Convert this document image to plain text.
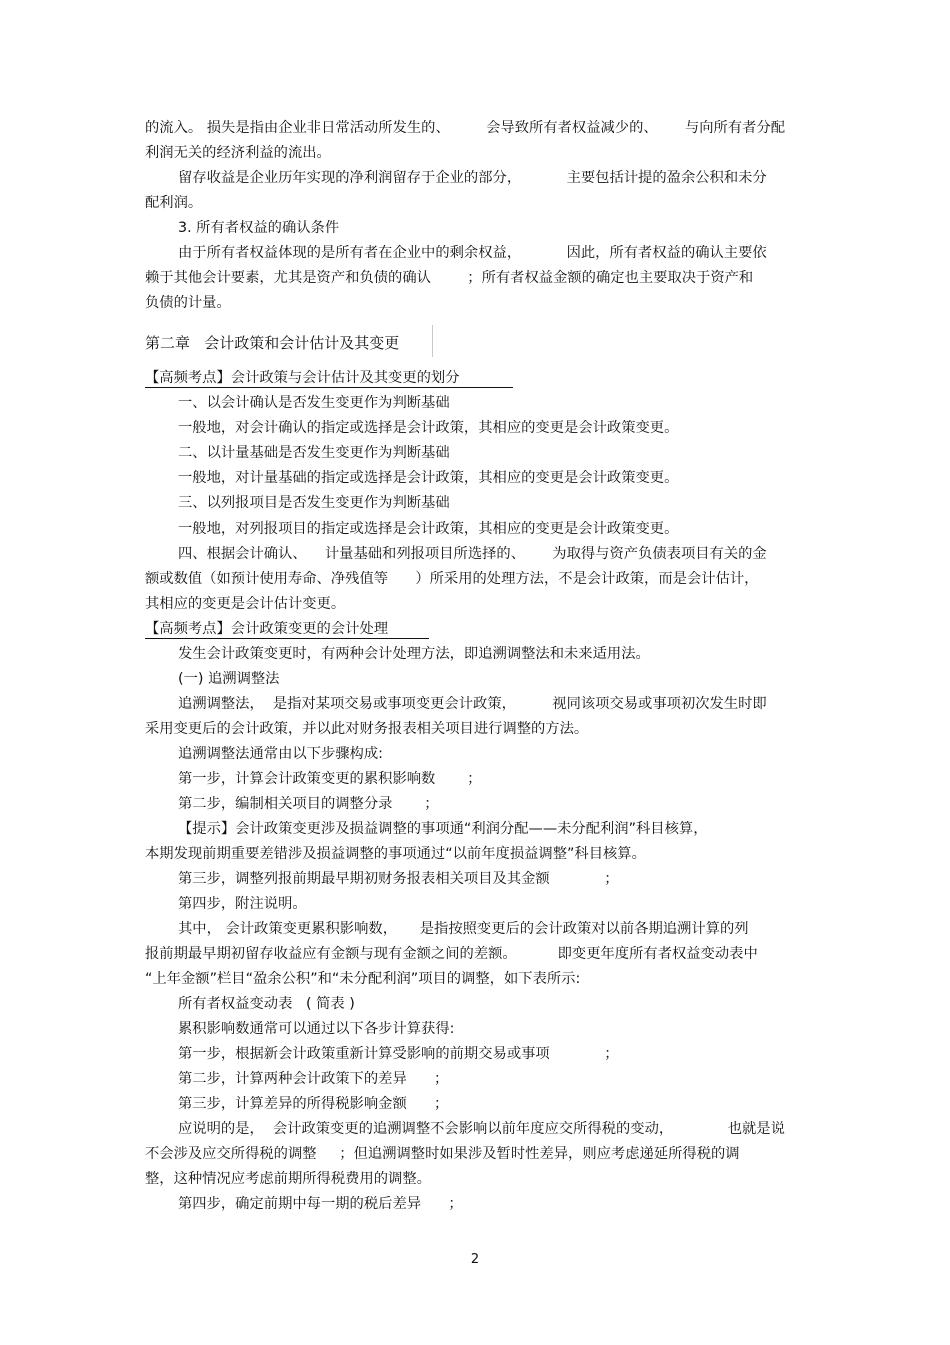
的流入。 损失是指由企业非日常活动所发生的、        会导致所有者权益减少的、      与向所有者分配
利润无关的经济利益的流出。
留存收益是企业历年实现的净利润留存于企业的部分，          主要包括计提的盈余公积和未分
配利润。
3. 所有者权益的确认条件
由于所有者权益体现的是所有者在企业中的剩余权益，          因此，所有者权益的确认主要依
赖于其他会计要素，尤其是资产和负债的确认        ；所有者权益金额的确定也主要取决于资产和
负债的计量。
第二章   会计政策和会计估计及其变更
【高频考点】会计政策与会计估计及其变更的划分
一、以会计确认是否发生变更作为判断基础
一般地，对会计确认的指定或选择是会计政策，其相应的变更是会计政策变更。
二、以计量基础是否发生变更作为判断基础
一般地，对计量基础的指定或选择是会计政策，其相应的变更是会计政策变更。
三、以列报项目是否发生变更作为判断基础
一般地，对列报项目的指定或选择是会计政策，其相应的变更是会计政策变更。
四、根据会计确认、    计量基础和列报项目所选择的、      为取得与资产负债表项目有关的金
额或数值（如预计使用寿命、净残值等      ）所采用的处理方法，不是会计政策，而是会计估计，
其相应的变更是会计估计变更。
【高频考点】会计政策变更的会计处理
发生会计政策变更时，有两种会计处理方法，即追溯调整法和未来适用法。
(一) 追溯调整法
追溯调整法，  是指对某项交易或事项变更会计政策，        视同该项交易或事项初次发生时即
采用变更后的会计政策，并以此对财务报表相关项目进行调整的方法。
追溯调整法通常由以下步骤构成:
第一步，计算会计政策变更的累积影响数       ；
第二步，编制相关项目的调整分录       ；
【提示】会计政策变更涉及损益调整的事项通“利润分配——未分配利润”科目核算，
本期发现前期重要差错涉及损益调整的事项通过“以前年度损益调整”科目核算。
第三步，调整列报前期最早期初财务报表相关项目及其金额            ；
第四步，附注说明。
其中， 会计政策变更累积影响数，     是指按照变更后的会计政策对以前各期追溯计算的列
报前期最早期初留存收益应有金额与现有金额之间的差额。         即变更年度所有者权益变动表中
“上年金额”栏目“盈余公积”和“未分配利润”项目的调整，如下表所示:
所有者权益变动表   ( 简表 )
累积影响数通常可以通过以下各步计算获得:
第一步，根据新会计政策重新计算受影响的前期交易或事项            ；
第二步，计算两种会计政策下的差异      ；
第三步，计算差异的所得税影响金额      ；
应说明的是，  会计政策变更的追溯调整不会影响以前年度应交所得税的变动，            也就是说
不会涉及应交所得税的调整     ；但追溯调整时如果涉及暂时性差异，则应考虑递延所得税的调
整，这种情况应考虑前期所得税费用的调整。
第四步，确定前期中每一期的税后差异      ；
2
